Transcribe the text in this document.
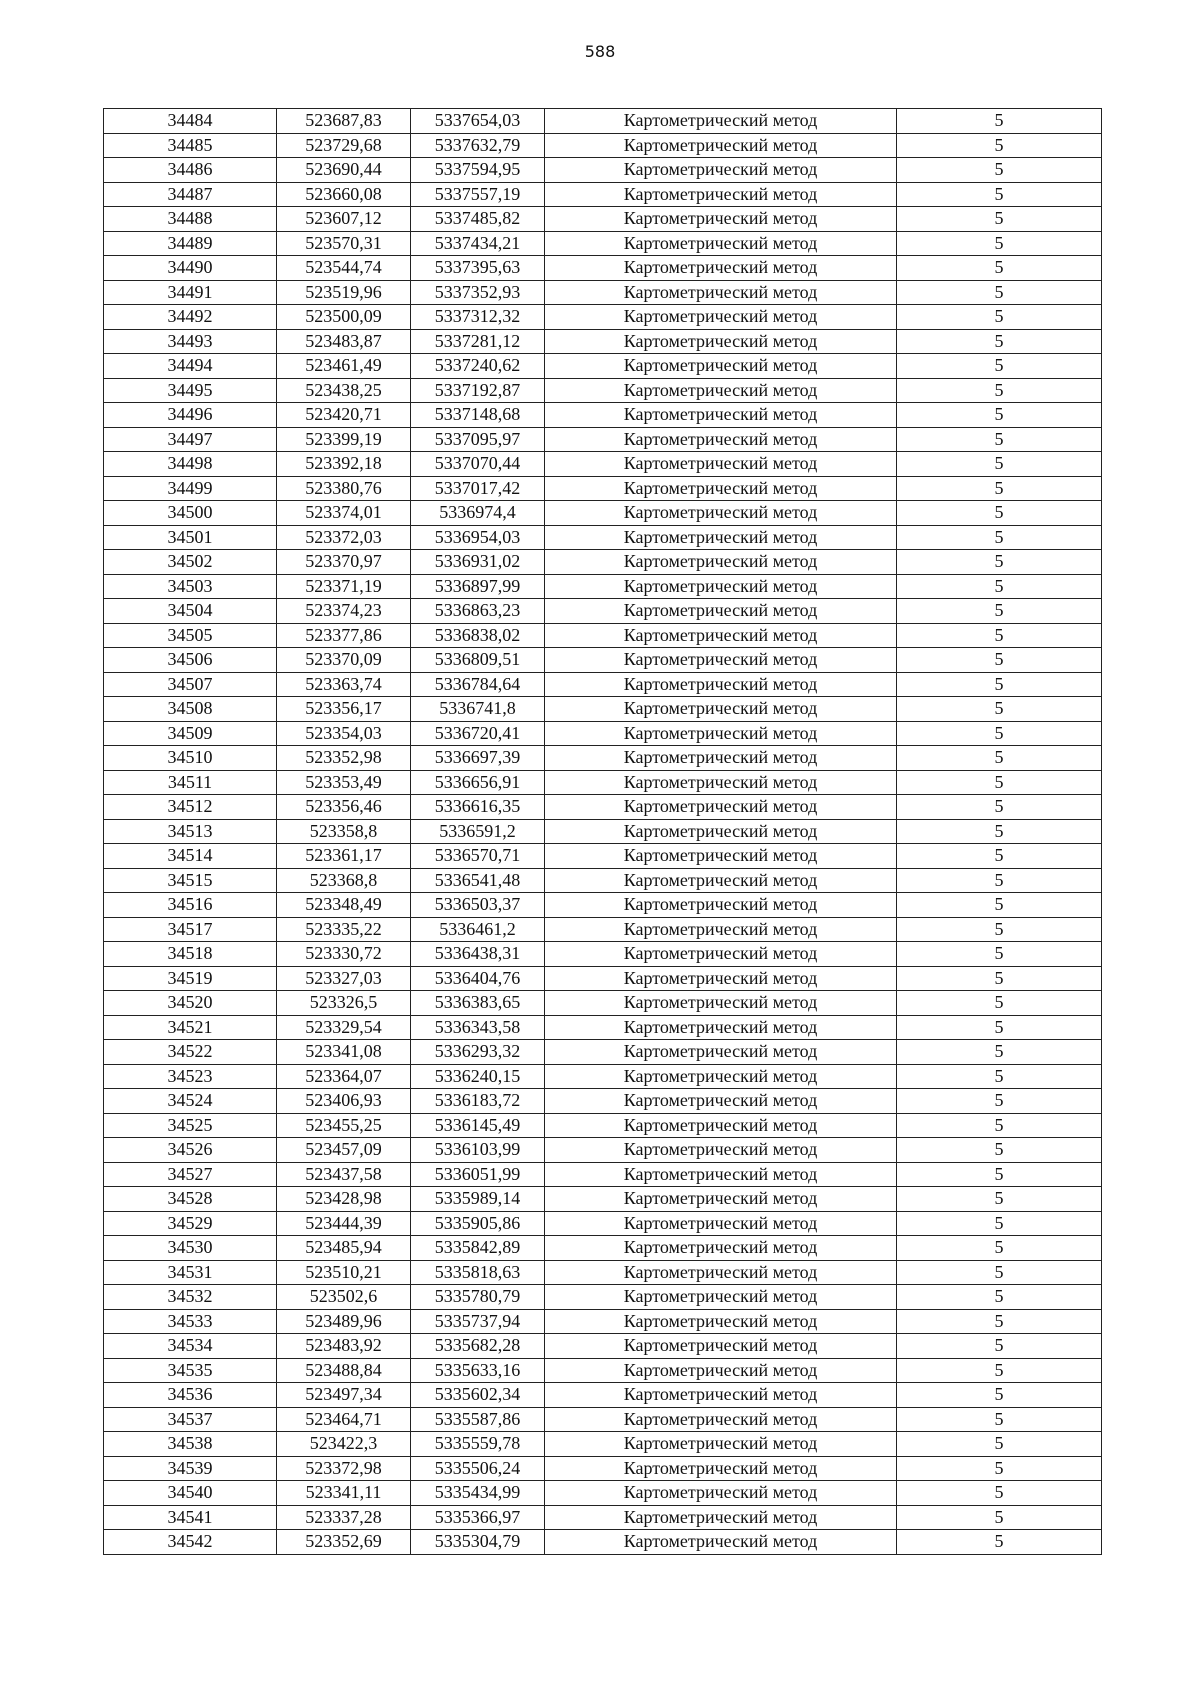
588
34484	523687,83	5337654,03	Картометрический метод	5
34485	523729,68	5337632,79	Картометрический метод	5
34486	523690,44	5337594,95	Картометрический метод	5
34487	523660,08	5337557,19	Картометрический метод	5
34488	523607,12	5337485,82	Картометрический метод	5
34489	523570,31	5337434,21	Картометрический метод	5
34490	523544,74	5337395,63	Картометрический метод	5
34491	523519,96	5337352,93	Картометрический метод	5
34492	523500,09	5337312,32	Картометрический метод	5
34493	523483,87	5337281,12	Картометрический метод	5
34494	523461,49	5337240,62	Картометрический метод	5
34495	523438,25	5337192,87	Картометрический метод	5
34496	523420,71	5337148,68	Картометрический метод	5
34497	523399,19	5337095,97	Картометрический метод	5
34498	523392,18	5337070,44	Картометрический метод	5
34499	523380,76	5337017,42	Картометрический метод	5
34500	523374,01	5336974,4	Картометрический метод	5
34501	523372,03	5336954,03	Картометрический метод	5
34502	523370,97	5336931,02	Картометрический метод	5
34503	523371,19	5336897,99	Картометрический метод	5
34504	523374,23	5336863,23	Картометрический метод	5
34505	523377,86	5336838,02	Картометрический метод	5
34506	523370,09	5336809,51	Картометрический метод	5
34507	523363,74	5336784,64	Картометрический метод	5
34508	523356,17	5336741,8	Картометрический метод	5
34509	523354,03	5336720,41	Картометрический метод	5
34510	523352,98	5336697,39	Картометрический метод	5
34511	523353,49	5336656,91	Картометрический метод	5
34512	523356,46	5336616,35	Картометрический метод	5
34513	523358,8	5336591,2	Картометрический метод	5
34514	523361,17	5336570,71	Картометрический метод	5
34515	523368,8	5336541,48	Картометрический метод	5
34516	523348,49	5336503,37	Картометрический метод	5
34517	523335,22	5336461,2	Картометрический метод	5
34518	523330,72	5336438,31	Картометрический метод	5
34519	523327,03	5336404,76	Картометрический метод	5
34520	523326,5	5336383,65	Картометрический метод	5
34521	523329,54	5336343,58	Картометрический метод	5
34522	523341,08	5336293,32	Картометрический метод	5
34523	523364,07	5336240,15	Картометрический метод	5
34524	523406,93	5336183,72	Картометрический метод	5
34525	523455,25	5336145,49	Картометрический метод	5
34526	523457,09	5336103,99	Картометрический метод	5
34527	523437,58	5336051,99	Картометрический метод	5
34528	523428,98	5335989,14	Картометрический метод	5
34529	523444,39	5335905,86	Картометрический метод	5
34530	523485,94	5335842,89	Картометрический метод	5
34531	523510,21	5335818,63	Картометрический метод	5
34532	523502,6	5335780,79	Картометрический метод	5
34533	523489,96	5335737,94	Картометрический метод	5
34534	523483,92	5335682,28	Картометрический метод	5
34535	523488,84	5335633,16	Картометрический метод	5
34536	523497,34	5335602,34	Картометрический метод	5
34537	523464,71	5335587,86	Картометрический метод	5
34538	523422,3	5335559,78	Картометрический метод	5
34539	523372,98	5335506,24	Картометрический метод	5
34540	523341,11	5335434,99	Картометрический метод	5
34541	523337,28	5335366,97	Картометрический метод	5
34542	523352,69	5335304,79	Картометрический метод	5
